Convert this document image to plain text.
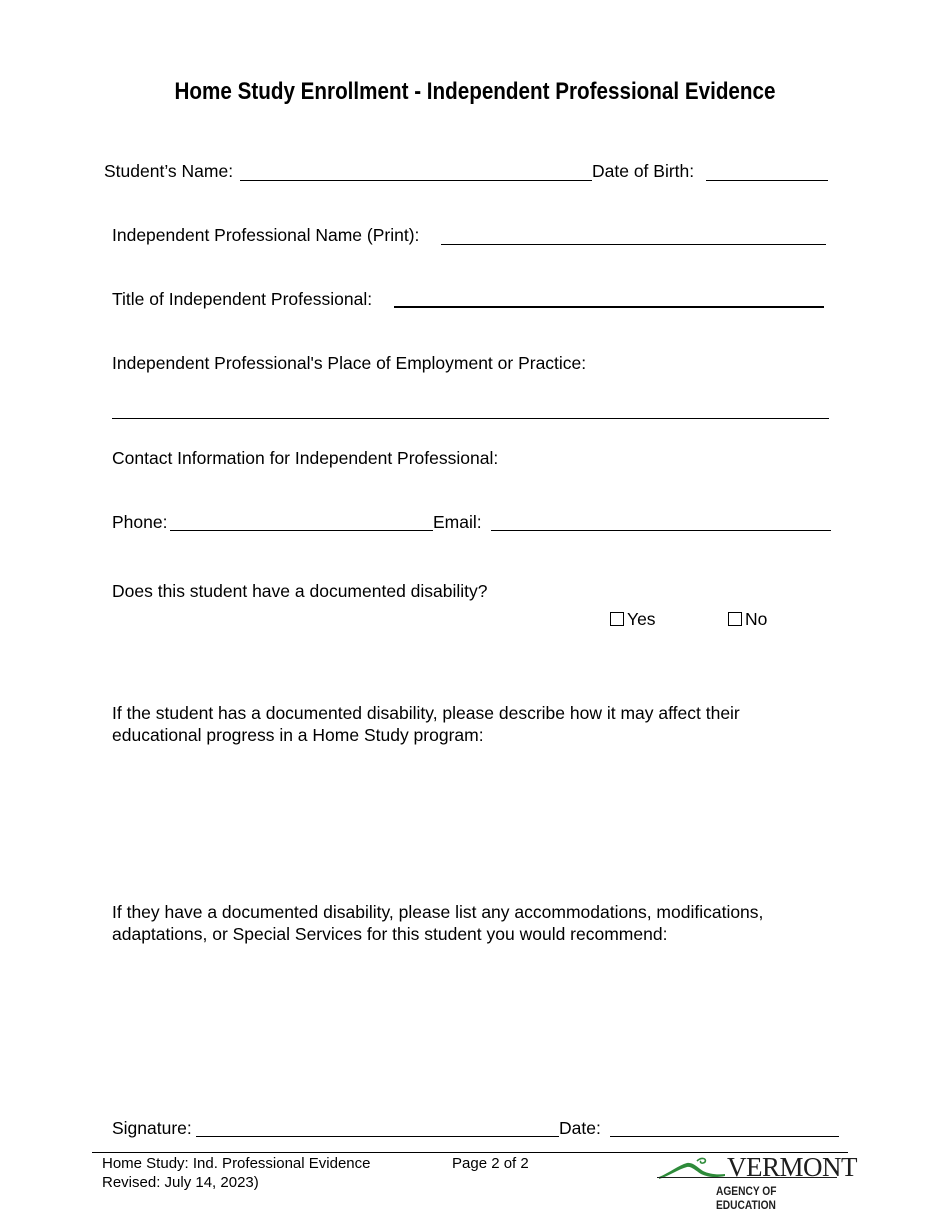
Home Study Enrollment - Independent Professional Evidence
Student’s Name:	Date of Birth:
Independent Professional Name (Print):
Title of Independent Professional:
Independent Professional's Place of Employment or Practice:
Contact Information for Independent Professional:
Phone:	Email:
Does this student have a documented disability?
Yes	No
If the student has a documented disability, please describe how it may affect their educational progress in a Home Study program:
If they have a documented disability, please list any accommodations, modifications, adaptations, or Special Services for this student you would recommend:
Signature:	Date:
Home Study: Ind. Professional Evidence
Revised: July 14, 2023)
Page 2 of 2	VERMONT
AGENCY OF EDUCATION
